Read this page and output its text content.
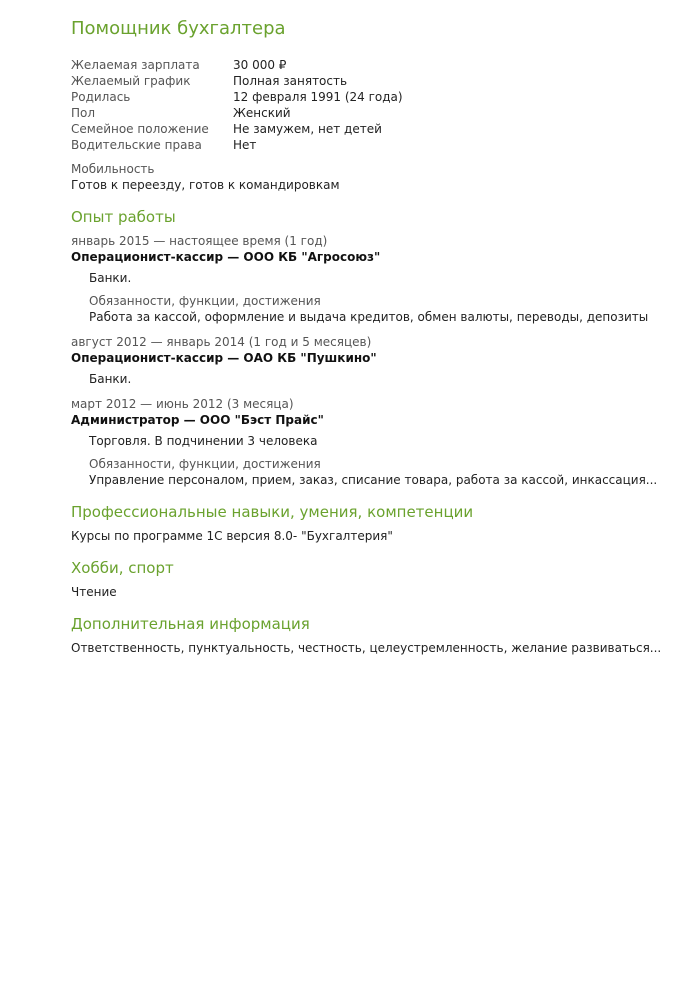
Помощник бухгалтера
Желаемая зарплата	30 000 ₽
Желаемый график	Полная занятость
Родилась	12 февраля 1991 (24 года)
Пол	Женский
Семейное положение	Не замужем, нет детей
Водительские права	Нет
Мобильность
Готов к переезду, готов к командировкам
Опыт работы
январь 2015 — настоящее время (1 год)
Операционист-кассир — ООО КБ "Агросоюз"
Банки.
Обязанности, функции, достижения
Работа за кассой, оформление и выдача кредитов, обмен валюты, переводы, депозиты
август 2012 — январь 2014 (1 год и 5 месяцев)
Операционист-кассир — ОАО КБ "Пушкино"
Банки.
март 2012 — июнь 2012 (3 месяца)
Администратор — ООО "Бэст Прайс"
Торговля. В подчинении 3 человека
Обязанности, функции, достижения
Управление персоналом, прием, заказ, списание товара, работа за кассой, инкассация...
Профессиональные навыки, умения, компетенции
Курсы по программе 1С версия 8.0- "Бухгалтерия"
Хобби, спорт
Чтение
Дополнительная информация
Ответственность, пунктуальность, честность, целеустремленность, желание развиваться...
